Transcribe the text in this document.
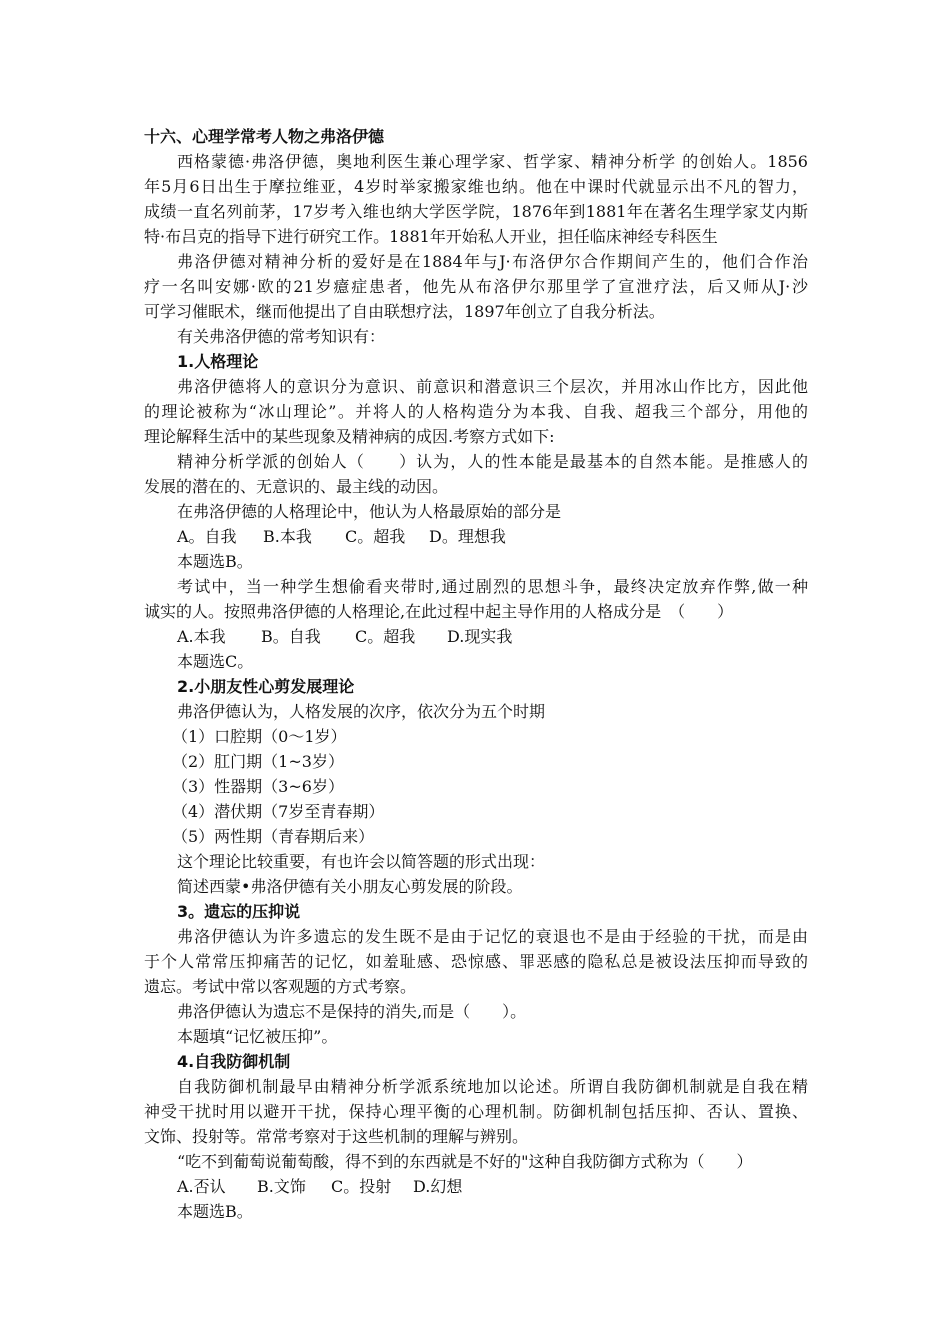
十六、心理学常考人物之弗洛伊德
西格蒙德·弗洛伊德，奥地利医生兼心理学家、哲学家、精神分析学 的创始人。1856
年5月6日出生于摩拉维亚，4岁时举家搬家维也纳。他在中课时代就显示出不凡的智力，
成绩一直名列前茅，17岁考入维也纳大学医学院，1876年到1881年在著名生理学家艾内斯
特·布吕克的指导下进行研究工作。1881年开始私人开业，担任临床神经专科医生
弗洛伊德对精神分析的爱好是在1884年与J·布洛伊尔合作期间产生的，他们合作治
疗一名叫安娜·欧的21岁癔症患者，他先从布洛伊尔那里学了宣泄疗法，后又师从J·沙
可学习催眠术，继而他提出了自由联想疗法，1897年创立了自我分析法。
有关弗洛伊德的常考知识有：
1.人格理论
弗洛伊德将人的意识分为意识、前意识和潜意识三个层次，并用冰山作比方，因此他
的理论被称为“冰山理论”。并将人的人格构造分为本我、自我、超我三个部分，用他的
理论解释生活中的某些现象及精神病的成因.考察方式如下:
精神分析学派的创始人（　　）认为，人的性本能是最基本的自然本能。是推感人的
发展的潜在的、无意识的、最主线的动因。
在弗洛伊德的人格理论中，他认为人格最原始的部分是
A。自我 B.本我 C。超我 D。理想我
本题选B。
考试中，当一种学生想偷看夹带时,通过剧烈的思想斗争，最终决定放弃作弊,做一种
诚实的人。按照弗洛伊德的人格理论,在此过程中起主导作用的人格成分是　（　　）
A.本我 B。自我 C。超我 D.现实我
本题选C。
2.小朋友性心剪发展理论
弗洛伊德认为，人格发展的次序，依次分为五个时期
（1）口腔期（0～1岁）
（2）肛门期（1~3岁）
（3）性器期（3~6岁）
（4）潜伏期（7岁至青春期）
（5）两性期（青春期后来）
这个理论比较重要，有也许会以简答题的形式出现：
简述西蒙•弗洛伊德有关小朋友心剪发展的阶段。
3。遗忘的压抑说
弗洛伊德认为许多遗忘的发生既不是由于记忆的衰退也不是由于经验的干扰，而是由
于个人常常压抑痛苦的记忆，如羞耻感、恐惊感、罪恶感的隐私总是被设法压抑而导致的
遗忘。考试中常以客观题的方式考察。
弗洛伊德认为遗忘不是保持的消失,而是（　　）。
本题填“记忆被压抑”。
4.自我防御机制
自我防御机制最早由精神分析学派系统地加以论述。所谓自我防御机制就是自我在精
神受干扰时用以避开干扰，保持心理平衡的心理机制。防御机制包括压抑、否认、置换、
文饰、投射等。常常考察对于这些机制的理解与辨别。
“吃不到葡萄说葡萄酸，得不到的东西就是不好的"这种自我防御方式称为（　　）
A.否认 B.文饰 C。投射 D.幻想
本题选B。
